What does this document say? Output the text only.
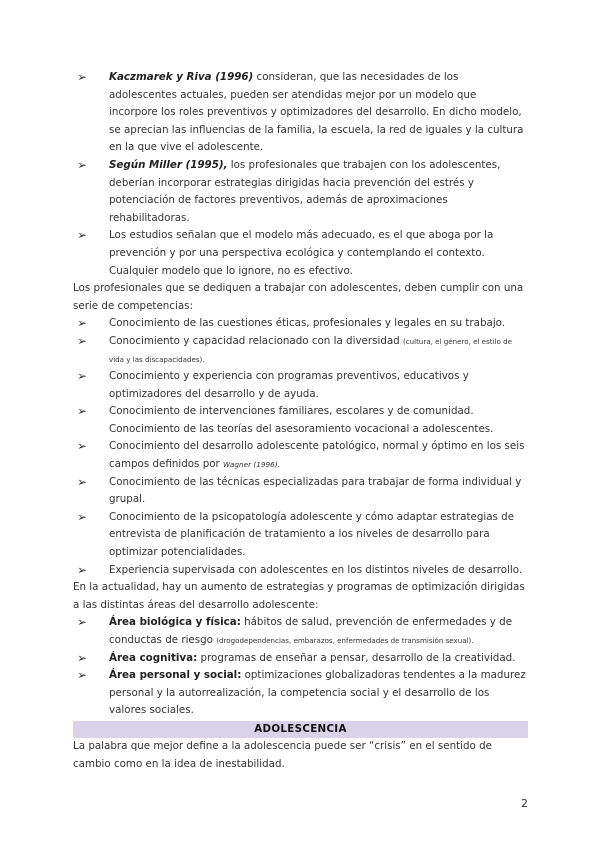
➢ Kaczmarek y Riva (1996) consideran, que las necesidades de los adolescentes actuales, pueden ser atendidas mejor por un modelo que incorpore los roles preventivos y optimizadores del desarrollo. En dicho modelo, se aprecian las influencias de la familia, la escuela, la red de iguales y la cultura en la que vive el adolescente.
➢ Según Miller (1995), los profesionales que trabajen con los adolescentes, deberían incorporar estrategias dirigidas hacia prevención del estrés y potenciación de factores preventivos, además de aproximaciones rehabilitadoras.
➢ Los estudios señalan que el modelo más adecuado, es el que aboga por la prevención y por una perspectiva ecológica y contemplando el contexto. Cualquier modelo que lo ignore, no es efectivo.

Los profesionales que se dediquen a trabajar con adolescentes, deben cumplir con una serie de competencias:

➢ Conocimiento de las cuestiones éticas, profesionales y legales en su trabajo.
➢ Conocimiento y capacidad relacionado con la diversidad (cultura, el género, el estilo de vida y las discapacidades).
➢ Conocimiento y experiencia con programas preventivos, educativos y optimizadores del desarrollo y de ayuda.
➢ Conocimiento de intervenciones familiares, escolares y de comunidad. Conocimiento de las teorías del asesoramiento vocacional a adolescentes.
➢ Conocimiento del desarrollo adolescente patológico, normal y óptimo en los seis campos definidos por Wagner (1996).
➢ Conocimiento de las técnicas especializadas para trabajar de forma individual y grupal.
➢ Conocimiento de la psicopatología adolescente y cómo adaptar estrategias de entrevista de planificación de tratamiento a los niveles de desarrollo para optimizar potencialidades.
➢ Experiencia supervisada con adolescentes en los distintos niveles de desarrollo.

En la actualidad, hay un aumento de estrategias y programas de optimización dirigidas a las distintas áreas del desarrollo adolescente:

➢ Área biológica y física: hábitos de salud, prevención de enfermedades y de conductas de riesgo (drogodependencias, embarazos, enfermedades de transmisión sexual).
➢ Área cognitiva: programas de enseñar a pensar, desarrollo de la creatividad.
➢ Área personal y social: optimizaciones globalizadoras tendentes a la madurez personal y la autorrealización, la competencia social y el desarrollo de los valores sociales.
ADOLESCENCIA

La palabra que mejor define a la adolescencia puede ser “crisis” en el sentido de cambio como en la idea de inestabilidad.

2
